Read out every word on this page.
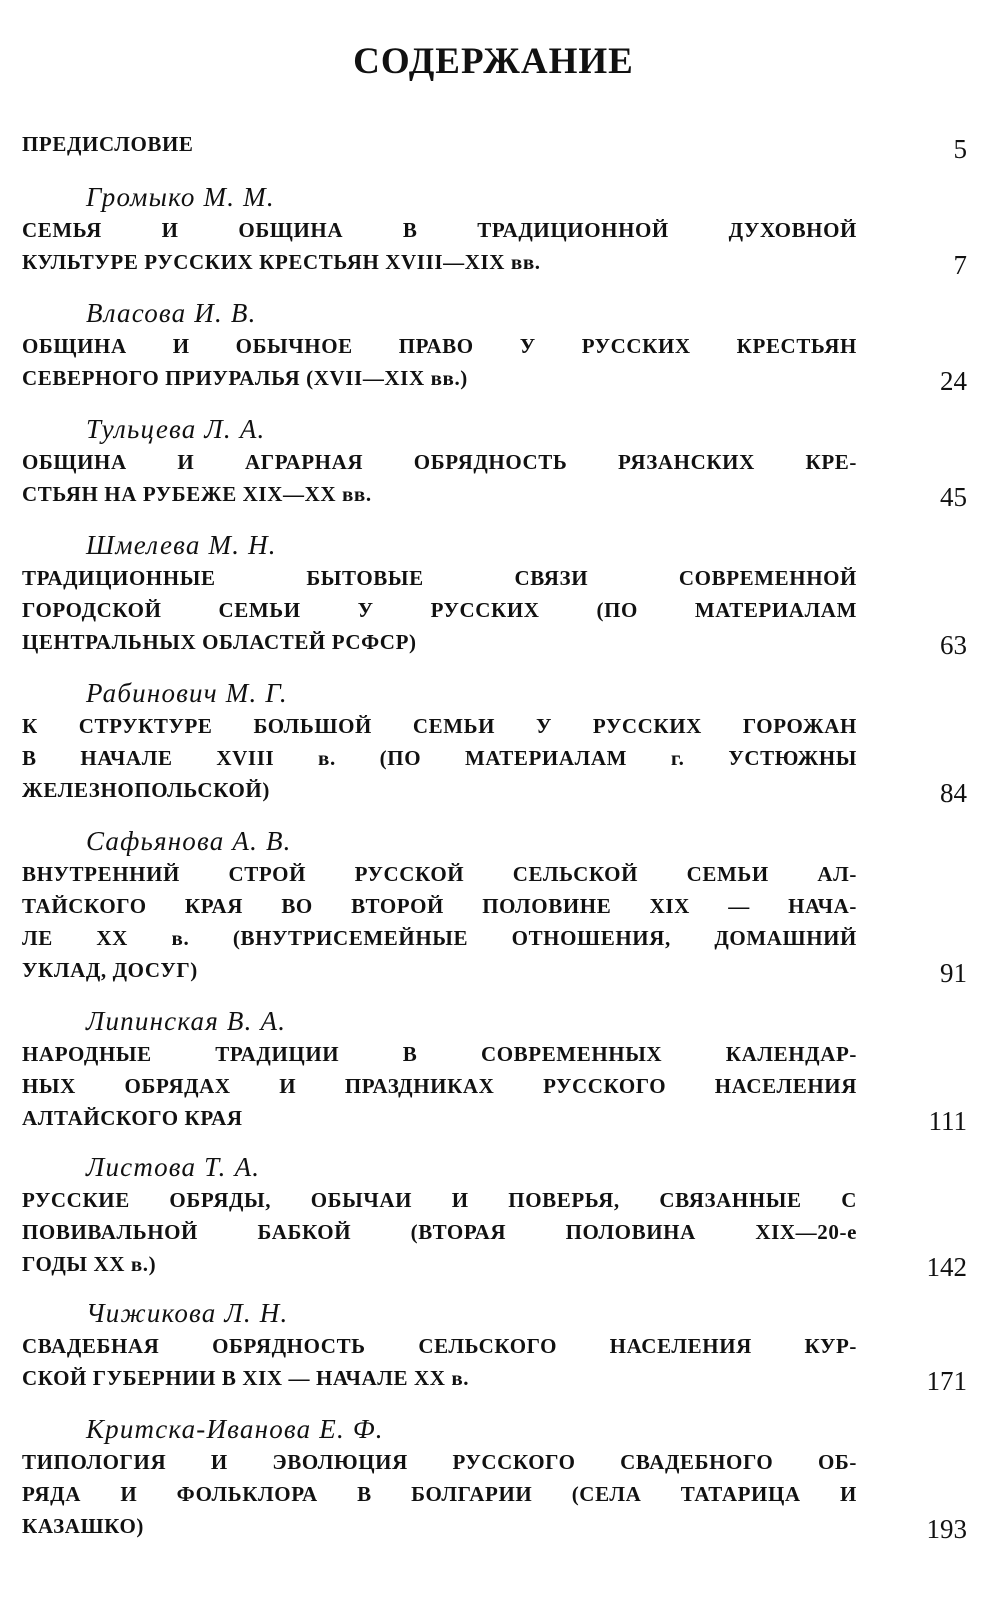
СОДЕРЖАНИЕ
ПРЕДИСЛОВИЕ	5
Громыко М. М.
СЕМЬЯ И ОБЩИНА В ТРАДИЦИОННОЙ ДУХОВНОЙ
КУЛЬТУРЕ РУССКИХ КРЕСТЬЯН XVIII—XIX вв.	7
Власова И. В.
ОБЩИНА И ОБЫЧНОЕ ПРАВО У РУССКИХ КРЕСТЬЯН
СЕВЕРНОГО ПРИУРАЛЬЯ (XVII—XIX вв.)	24
Тульцева Л. А.
ОБЩИНА И АГРАРНАЯ ОБРЯДНОСТЬ РЯЗАНСКИХ КРЕ-
СТЬЯН НА РУБЕЖЕ XIX—XX вв.	45
Шмелева М. Н.
ТРАДИЦИОННЫЕ БЫТОВЫЕ СВЯЗИ СОВРЕМЕННОЙ
ГОРОДСКОЙ СЕМЬИ У РУССКИХ (ПО МАТЕРИАЛАМ
ЦЕНТРАЛЬНЫХ ОБЛАСТЕЙ РСФСР)	63
Рабинович М. Г.
К СТРУКТУРЕ БОЛЬШОЙ СЕМЬИ У РУССКИХ ГОРОЖАН
В НАЧАЛЕ XVIII в. (ПО МАТЕРИАЛАМ г. УСТЮЖНЫ
ЖЕЛЕЗНОПОЛЬСКОЙ)	84
Сафьянова А. В.
ВНУТРЕННИЙ СТРОЙ РУССКОЙ СЕЛЬСКОЙ СЕМЬИ АЛ-
ТАЙСКОГО КРАЯ ВО ВТОРОЙ ПОЛОВИНЕ XIX — НАЧА-
ЛЕ XX в. (ВНУТРИСЕМЕЙНЫЕ ОТНОШЕНИЯ, ДОМАШНИЙ
УКЛАД, ДОСУГ)	91
Липинская В. А.
НАРОДНЫЕ ТРАДИЦИИ В СОВРЕМЕННЫХ КАЛЕНДАР-
НЫХ ОБРЯДАХ И ПРАЗДНИКАХ РУССКОГО НАСЕЛЕНИЯ
АЛТАЙСКОГО КРАЯ	111
Листова Т. А.
РУССКИЕ ОБРЯДЫ, ОБЫЧАИ И ПОВЕРЬЯ, СВЯЗАННЫЕ С
ПОВИВАЛЬНОЙ БАБКОЙ (ВТОРАЯ ПОЛОВИНА XIX—20-е
ГОДЫ XX в.)	142
Чижикова Л. Н.
СВАДЕБНАЯ ОБРЯДНОСТЬ СЕЛЬСКОГО НАСЕЛЕНИЯ КУР-
СКОЙ ГУБЕРНИИ В XIX — НАЧАЛЕ XX в.	171
Критска-Иванова Е. Ф.
ТИПОЛОГИЯ И ЭВОЛЮЦИЯ РУССКОГО СВАДЕБНОГО ОБ-
РЯДА И ФОЛЬКЛОРА В БОЛГАРИИ (СЕЛА ТАТАРИЦА И
КАЗАШКО)	193
